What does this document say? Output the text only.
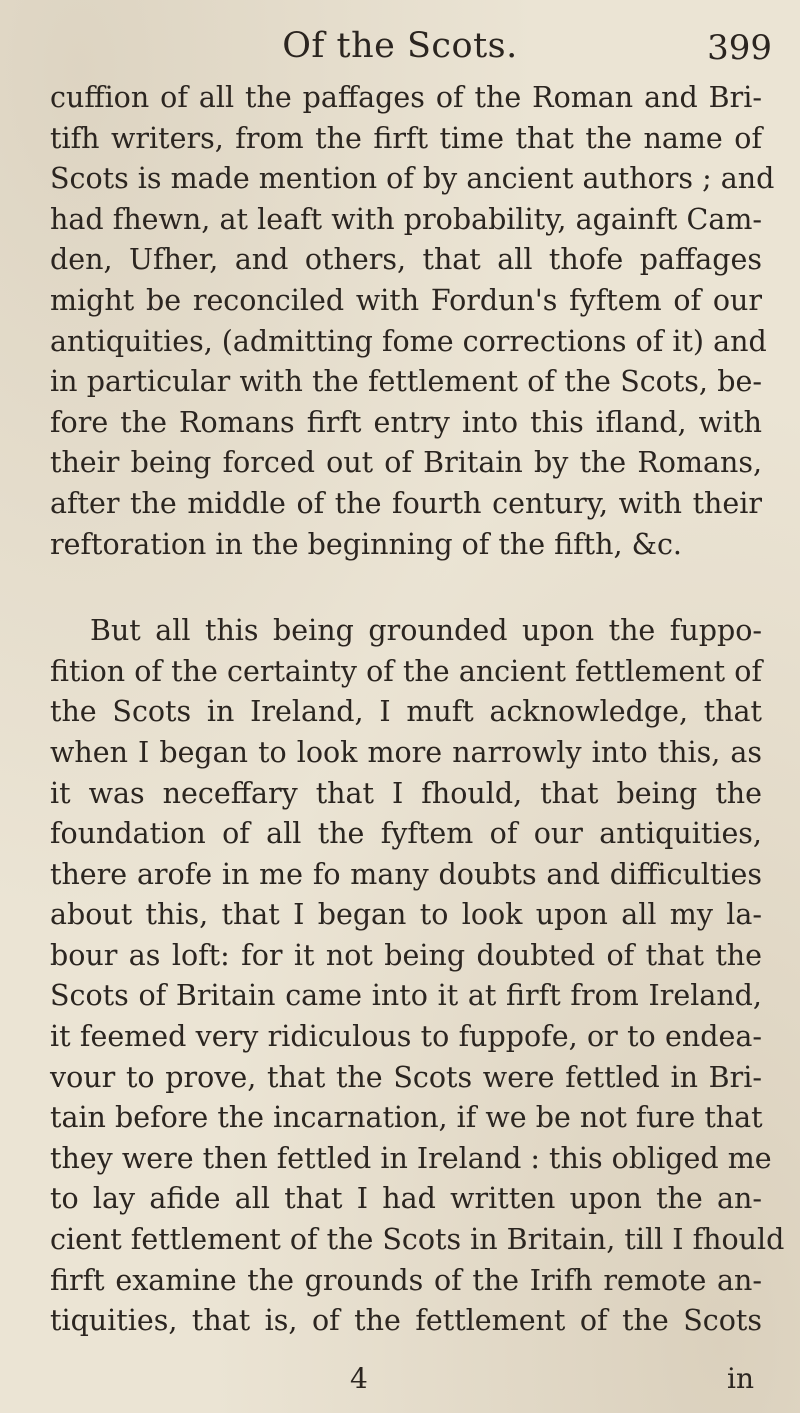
Of the Scots.	399
cuffion of all the paffages of the Roman and Bri-
tifh writers, from the firft time that the name of
Scots is made mention of by ancient authors ; and
had fhewn, at leaft with probability, againft Cam-
den, Ufher, and others, that all thofe paffages
might be reconciled with Fordun's fyftem of our
antiquities, (admitting fome corrections of it) and
in particular with the fettlement of the Scots, be-
fore the Romans firft entry into this ifland, with
their being forced out of Britain by the Romans,
after the middle of the fourth century, with their
reftoration in the beginning of the fifth, &c.
But all this being grounded upon the fuppo-
fition of the certainty of the ancient fettlement of
the Scots in Ireland, I muft acknowledge, that
when I began to look more narrowly into this, as
it was neceffary that I fhould, that being the
foundation of all the fyftem of our antiquities,
there arofe in me fo many doubts and difficulties
about this, that I began to look upon all my la-
bour as loft: for it not being doubted of that the
Scots of Britain came into it at firft from Ireland,
it feemed very ridiculous to fuppofe, or to endea-
vour to prove, that the Scots were fettled in Bri-
tain before the incarnation, if we be not fure that
they were then fettled in Ireland : this obliged me
to lay afide all that I had written upon the an-
cient fettlement of the Scots in Britain, till I fhould
firft examine the grounds of the Irifh remote an-
tiquities, that is, of the fettlement of the Scots
4	in
